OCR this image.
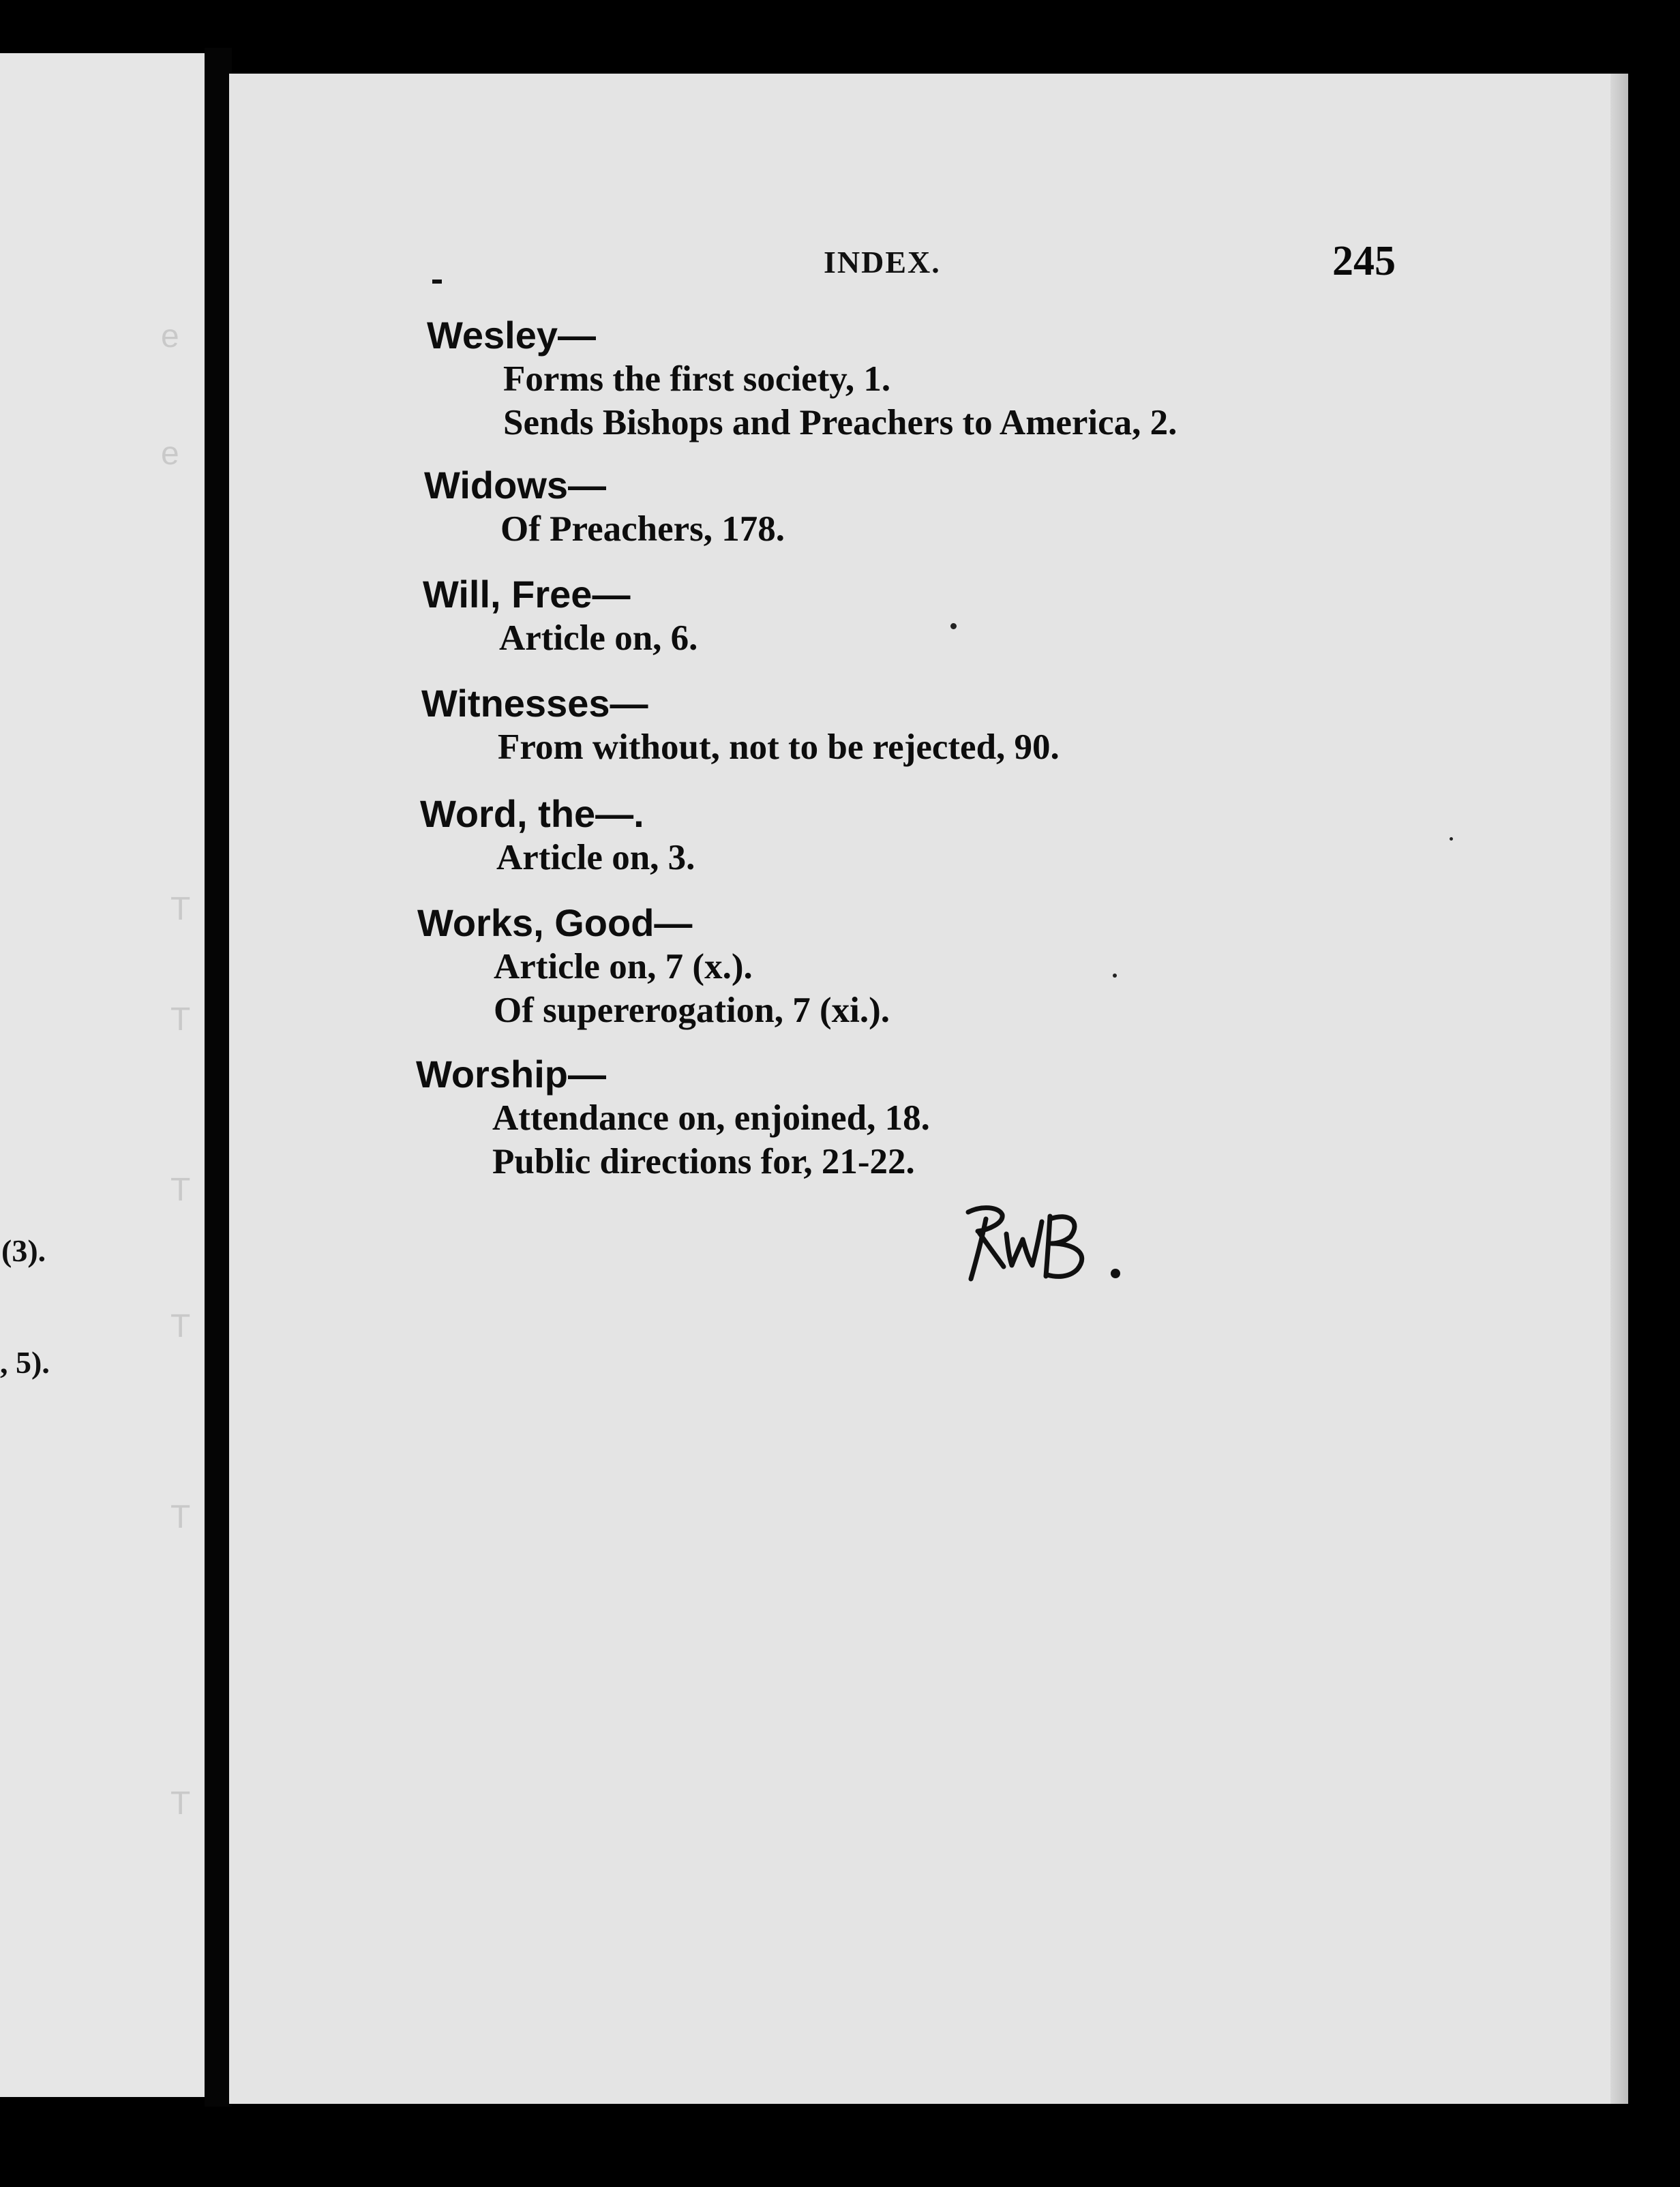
e
e
T
T
T
T
T
T
(3).
, 5).
INDEX.	245
Wesley—
Forms the first society, 1.
Sends Bishops and Preachers to America, 2.
Widows—
Of Preachers, 178.
Will, Free—
Article on, 6.
Witnesses—
From without, not to be rejected, 90.
Word, the—.
Article on, 3.
Works, Good—
Article on, 7 (x.).
Of supererogation, 7 (xi.).
Worship—
Attendance on, enjoined, 18.
Public directions for, 21-22.
